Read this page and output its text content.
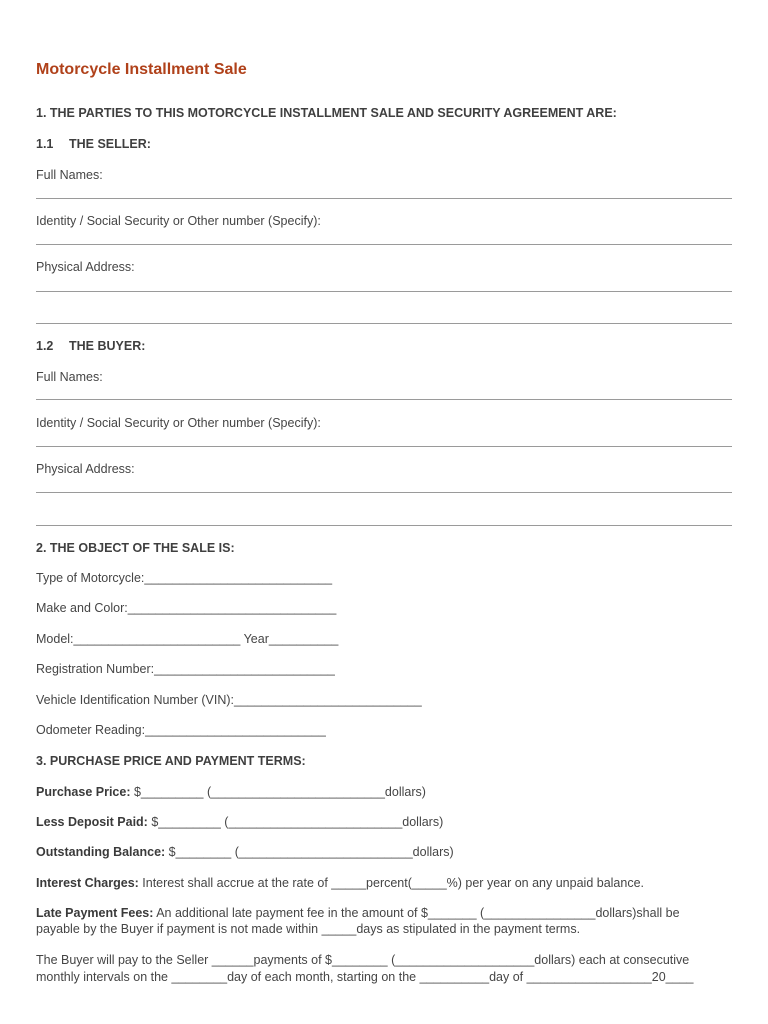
Motorcycle Installment Sale
1. THE PARTIES TO THIS MOTORCYCLE INSTALLMENT SALE AND SECURITY AGREEMENT ARE:
1.1 THE SELLER:
Full Names:
Identity / Social Security or Other number (Specify):
Physical Address:
1.2 THE BUYER:
Full Names:
Identity / Social Security or Other number (Specify):
Physical Address:
2. THE OBJECT OF THE SALE IS:
Type of Motorcycle:___________________________
Make and Color:______________________________
Model:________________________ Year__________
Registration Number:__________________________
Vehicle Identification Number (VIN):___________________________
Odometer Reading:__________________________
3. PURCHASE PRICE AND PAYMENT TERMS:
Purchase Price: $_________ (_________________________dollars)
Less Deposit Paid: $_________ (_________________________dollars)
Outstanding Balance: $________ (_________________________dollars)
Interest Charges: Interest shall accrue at the rate of _____percent(_____%) per year on any unpaid balance.
Late Payment Fees: An additional late payment fee in the amount of $_______ (________________dollars)shall be
payable by the Buyer if payment is not made within _____days as stipulated in the payment terms.
The Buyer will pay to the Seller ______payments of $________ (____________________dollars) each at consecutive
monthly intervals on the ________day of each month, starting on the __________day of __________________20____
